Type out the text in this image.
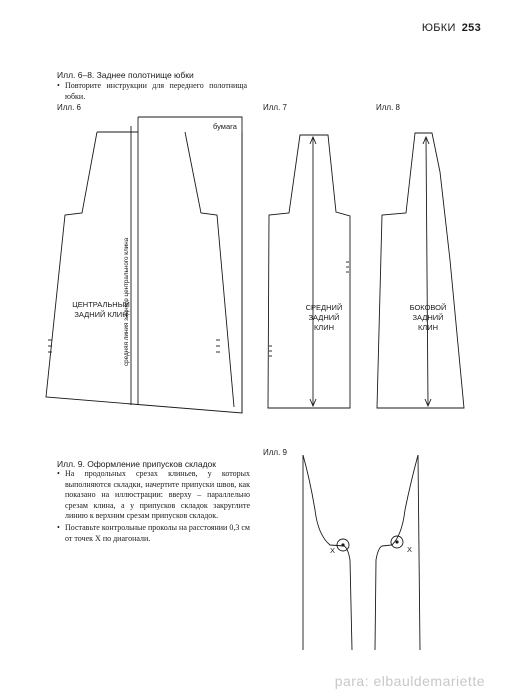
ЮБКИ 253
Илл. 6–8. Заднее полотнище юбки
• Повторите инструкции для переднего полотнища юбки.
Илл. 6	Илл. 7	Илл. 8
Илл. 9
бумага
средняя линия заднего центрального клина
ЦЕНТРАЛЬНЫЙ
ЗАДНИЙ КЛИН
СРЕДНИЙ
ЗАДНИЙ
КЛИН
БОКОВОЙ
ЗАДНИЙ
КЛИН
X	X
Илл. 9. Оформление припусков складок
• На продольных срезах клиньев, у которых выполняются складки, начертите припуски швов, как показано на иллюстрации: вверху – параллельно срезам клина, а у припусков складок закруглите линию к верхним срезам припусков складок.
• Поставьте контрольные проколы на расстоянии 0,3 см от точек X по диагонали.
para: elbauldemariette
